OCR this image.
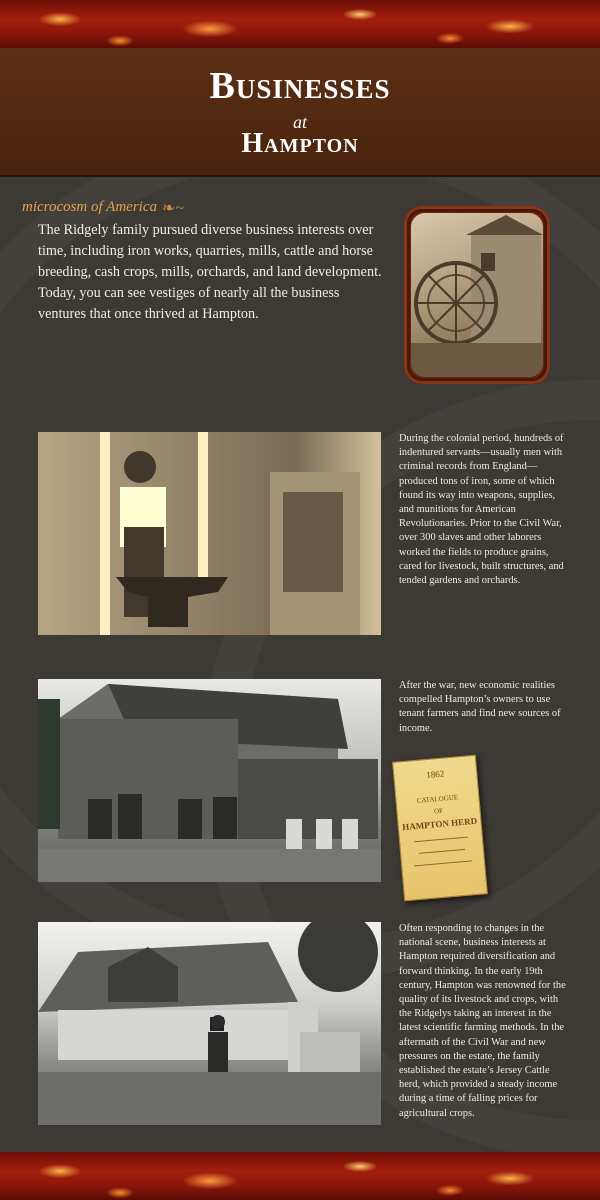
Businesses
at
Hampton
microcosm of America ❧~
The Ridgely family pursued diverse business interests over time, including iron works, quarries, mills, cattle and horse breeding, cash crops, mills, orchards, and land development. Today, you can see vestiges of nearly all the business ventures that once thrived at Hampton.
During the colonial period, hundreds of indentured servants—usually men with criminal records from England—produced tons of iron, some of which found its way into weapons, supplies, and munitions for American Revolutionaries. Prior to the Civil War, over 300 slaves and other laborers worked the fields to produce grains, cared for livestock, built structures, and tended gardens and orchards.
After the war, new economic realities compelled Hampton’s owners to use tenant farmers and find new sources of income.
1862
CATALOGUE
OF
HAMPTON HERD
Often responding to changes in the national scene, business interests at Hampton required diversification and forward thinking. In the early 19th century, Hampton was renowned for the quality of its livestock and crops, with the Ridgelys taking an interest in the latest scientific farming methods. In the aftermath of the Civil War and new pressures on the estate, the family established the estate’s Jersey Cattle herd, which provided a steady income during a time of falling prices for agricultural crops.
